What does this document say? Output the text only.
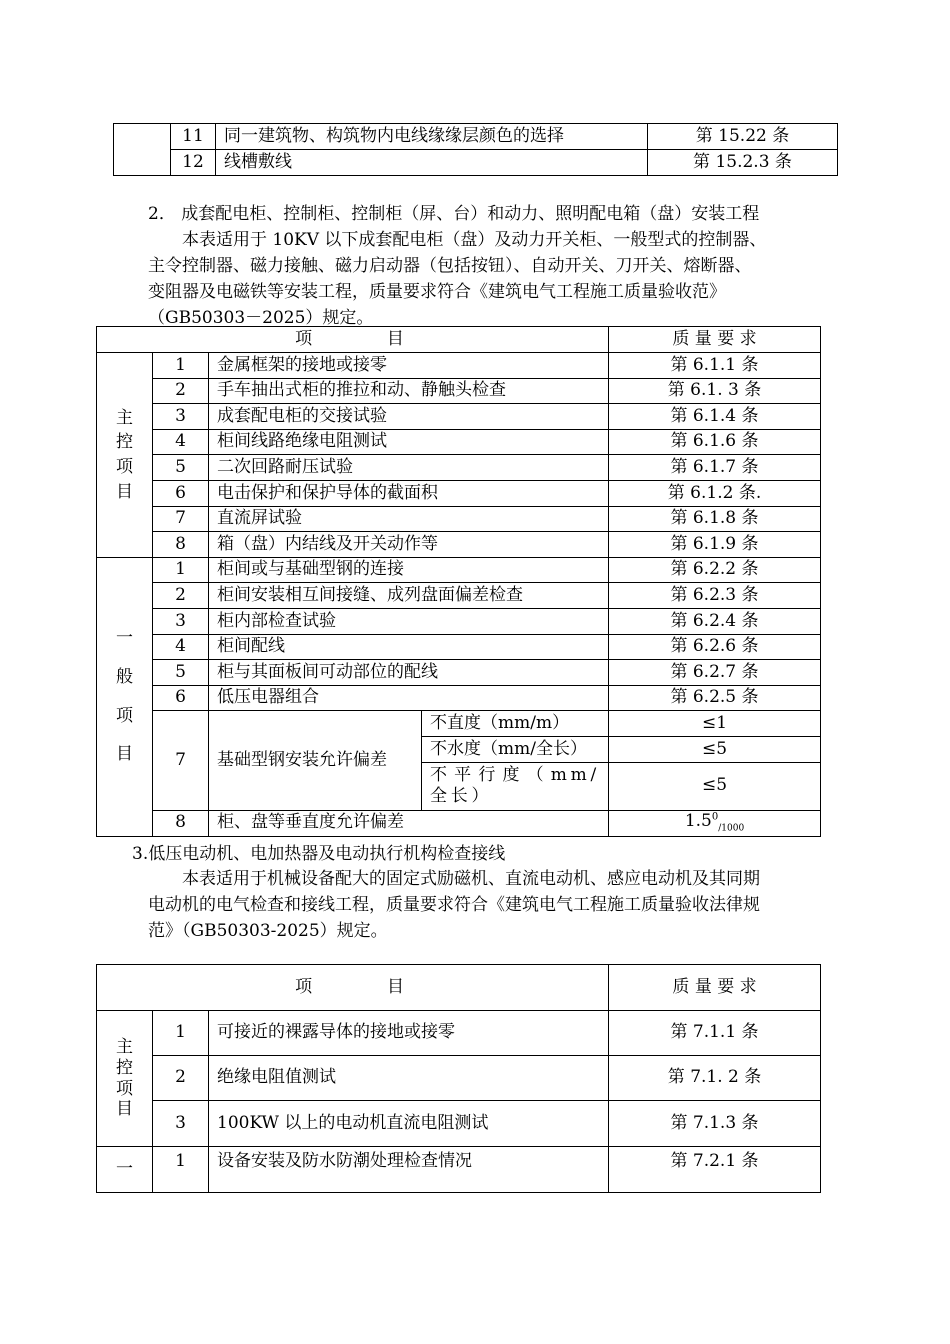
	11	同一建筑物、构筑物内电线缘缘层颜色的选择	第 15.22 条
	12	线槽敷线	第 15.2.3 条
2． 成套配电柜、控制柜、控制柜（屏、台）和动力、照明配电箱（盘）安装工程
本表适用于 10KV 以下成套配电柜（盘）及动力开关柜、一般型式的控制器、
主令控制器、磁力接触、磁力启动器（包括按钮）、自动开关、刀开关、熔断器、
变阻器及电磁铁等安装工程，质量要求符合《建筑电气工程施工质量验收范》
（GB50303－2025）规定。
项　　　目				质 量 要 求

主
控
项
目	1	金属框架的接地或接零		第 6.1.1 条
	2	手车抽出式柜的推拉和动、静触头检查		第 6.1. 3 条
	3	成套配电柜的交接试验		第 6.1.4 条
	4	柜间线路绝缘电阻测试		第 6.1.6 条
	5	二次回路耐压试验		第 6.1.7 条
	6	电击保护和保护导体的截面积		第 6.1.2 条.
	7	直流屏试验		第 6.1.8 条
	8	箱（盘）内结线及开关动作等		第 6.1.9 条

一
般
项
目	1	柜间或与基础型钢的连接		第 6.2.2 条
	2	柜间安装相互间接缝、成列盘面偏差检查		第 6.2.3 条
	3	柜内部检查试验		第 6.2.4 条
	4	柜间配线		第 6.2.6 条
	5	柜与其面板间可动部位的配线		第 6.2.7 条
	6	低压电器组合		第 6.2.5 条
	7	基础型钢安装允许偏差	不直度（mm/m）	≤1
			不水度（mm/全长）	≤5
			不平行度（mm/全长）	≤5

	8	柜、盘等垂直度允许偏差		$1.5^0_{/1000}$
3.低压电动机、电加热器及电动执行机构检查接线
本表适用于机械设备配大的固定式励磁机、直流电动机、感应电动机及其同期
电动机的电气检查和接线工程，质量要求符合《建筑电气工程施工质量验收法律规
范》（GB50303-2025）规定。
项　　　目			质 量 要 求

主
控
项
目	1	可接近的裸露导体的接地或接零	第 7.1.1 条
	2	绝缘电阻值测试	第 7.1. 2 条
	3	100KW 以上的电动机直流电阻测试	第 7.1.3 条
一	1	设备安装及防水防潮处理检查情况	第 7.2.1 条
